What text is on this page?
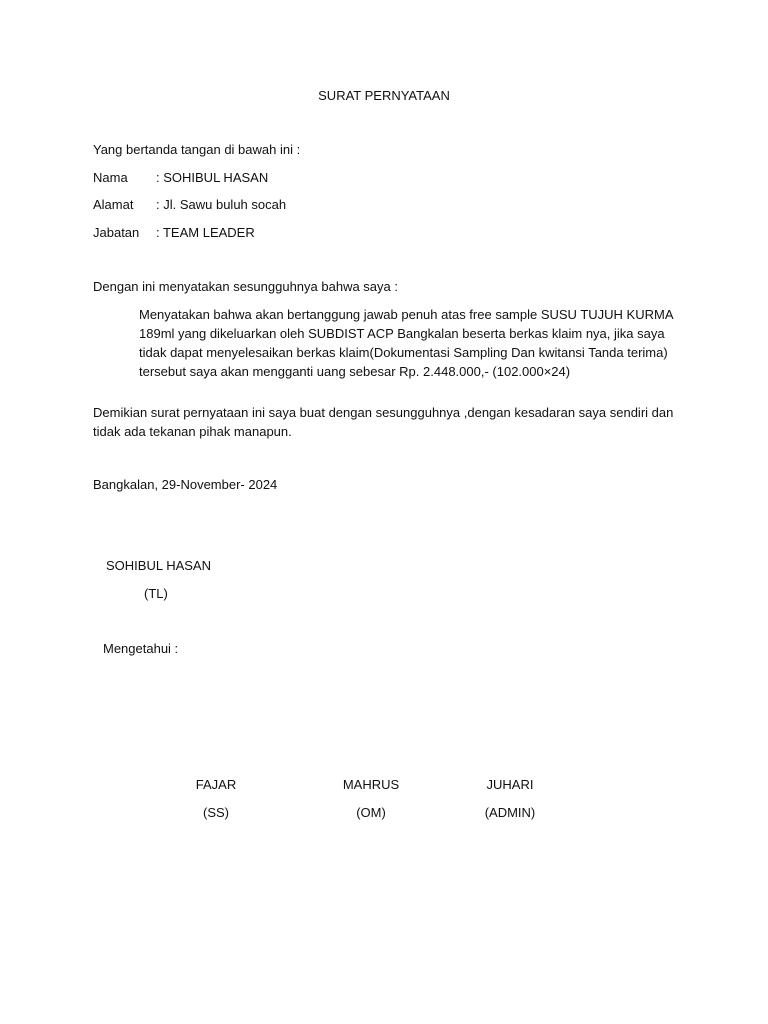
SURAT PERNYATAAN
Yang bertanda tangan di bawah ini :
Nama : SOHIBUL HASAN
Alamat : Jl. Sawu buluh socah
Jabatan : TEAM LEADER
Dengan ini menyatakan sesungguhnya bahwa saya :
Menyatakan bahwa akan bertanggung jawab penuh atas free sample SUSU TUJUH KURMA
189ml yang dikeluarkan oleh SUBDIST ACP Bangkalan beserta berkas klaim nya, jika saya
tidak dapat menyelesaikan berkas klaim(Dokumentasi Sampling Dan kwitansi Tanda terima)
tersebut saya akan mengganti uang sebesar Rp. 2.448.000,- (102.000×24)
Demikian surat pernyataan ini saya buat dengan sesungguhnya ,dengan kesadaran saya sendiri dan
tidak ada tekanan pihak manapun.
Bangkalan, 29-November- 2024
SOHIBUL HASAN
(TL)
Mengetahui :
FAJAR
(SS)
MAHRUS
(OM)
JUHARI
(ADMIN)
